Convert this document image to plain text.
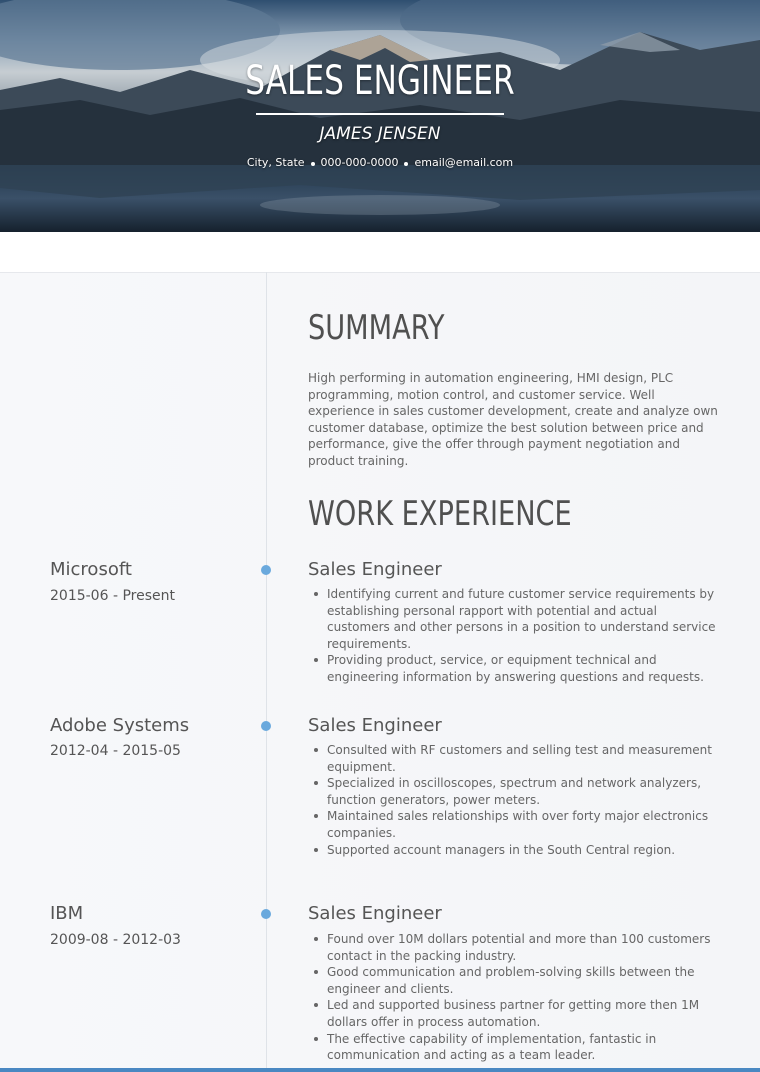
SALES ENGINEER
JAMES JENSEN
City, State 000-000-0000 email@email.com
SUMMARY
High performing in automation engineering, HMI design, PLC programming, motion control, and customer service. Well experience in sales customer development, create and analyze own customer database, optimize the best solution between price and performance, give the offer through payment negotiation and product training.
WORK EXPERIENCE
Microsoft
2015-06 - Present
Sales Engineer
Identifying current and future customer service requirements by establishing personal rapport with potential and actual customers and other persons in a position to understand service requirements.
Providing product, service, or equipment technical and engineering information by answering questions and requests.
Adobe Systems
2012-04 - 2015-05
Sales Engineer
Consulted with RF customers and selling test and measurement equipment.
Specialized in oscilloscopes, spectrum and network analyzers, function generators, power meters.
Maintained sales relationships with over forty major electronics companies.
Supported account managers in the South Central region.
IBM
2009-08 - 2012-03
Sales Engineer
Found over 10M dollars potential and more than 100 customers contact in the packing industry.
Good communication and problem-solving skills between the engineer and clients.
Led and supported business partner for getting more then 1M dollars offer in process automation.
The effective capability of implementation, fantastic in communication and acting as a team leader.
